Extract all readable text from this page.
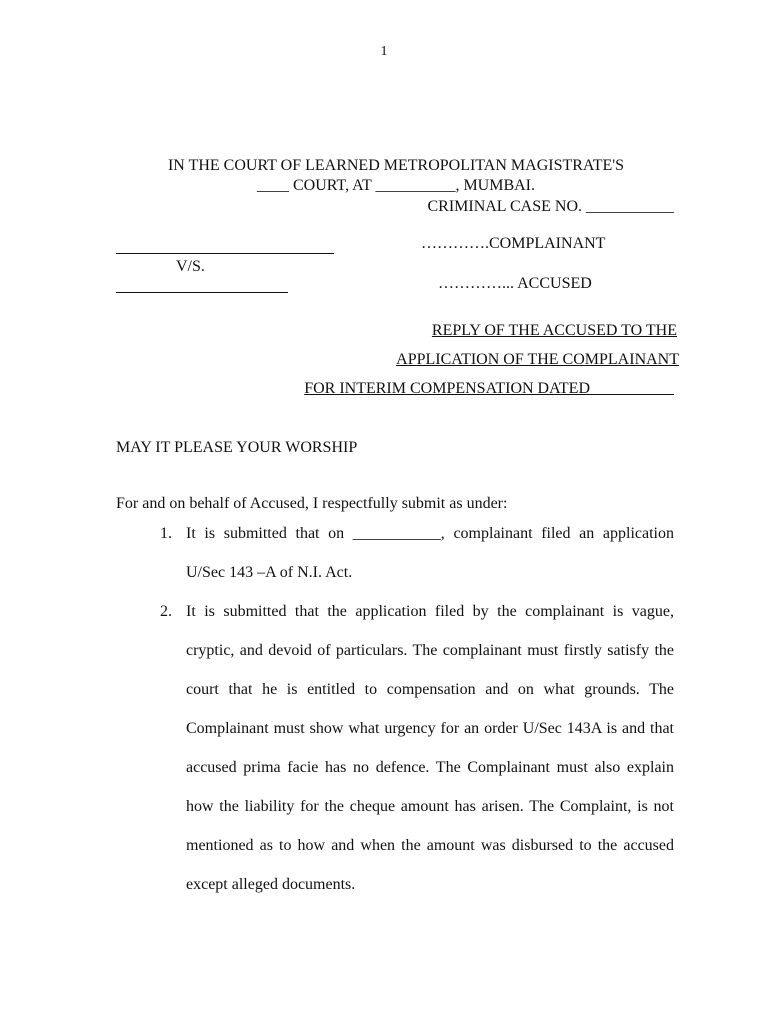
1
IN THE COURT OF LEARNED METROPOLITAN MAGISTRATE'S
____ COURT, AT __________, MUMBAI.
CRIMINAL CASE NO. ___________
………….COMPLAINANT
V/S.
…………... ACCUSED
REPLY OF THE ACCUSED TO THE
APPLICATION OF THE COMPLAINANT
FOR INTERIM COMPENSATION DATED __________
MAY IT PLEASE YOUR WORSHIP
For and on behalf of Accused, I respectfully submit as under:
1. It is submitted that on ___________, complainant filed an application U/Sec 143 –A of N.I. Act.
2. It is submitted that the application filed by the complainant is vague, cryptic, and devoid of particulars. The complainant must firstly satisfy the court that he is entitled to compensation and on what grounds. The Complainant must show what urgency for an order U/Sec 143A is and that accused prima facie has no defence. The Complainant must also explain how the liability for the cheque amount has arisen. The Complaint, is not mentioned as to how and when the amount was disbursed to the accused except alleged documents.
